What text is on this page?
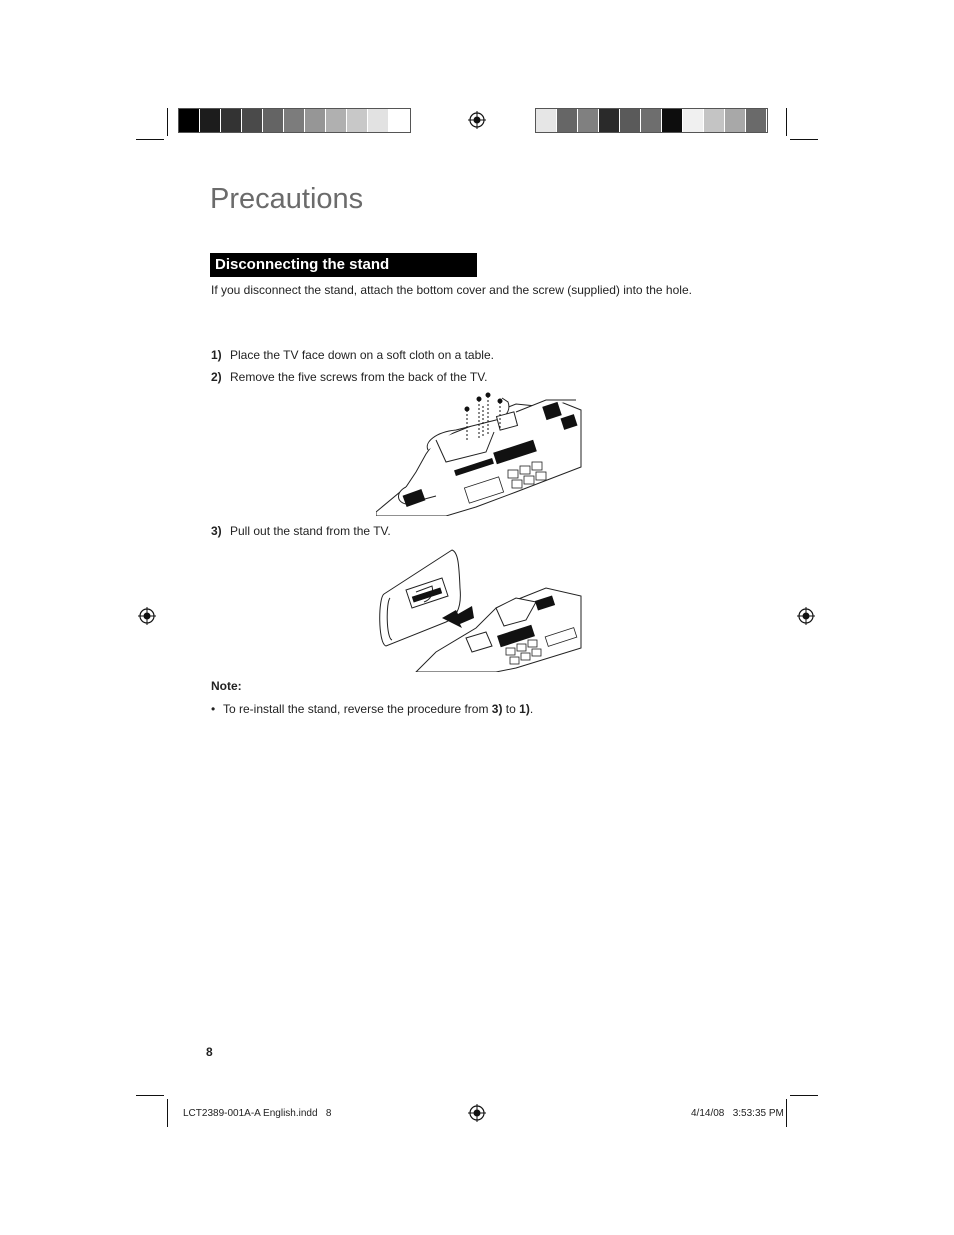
Precautions
Disconnecting the stand
If you disconnect the stand, attach the bottom cover and the screw (supplied) into the hole.
1) Place the TV face down on a soft cloth on a table.
2) Remove the five screws from the back of the TV.
3) Pull out the stand from the TV.
Note:
• To re-install the stand, reverse the procedure from 3) to 1).
8
LCT2389-001A-A English.indd   8	4/14/08   3:53:35 PM
